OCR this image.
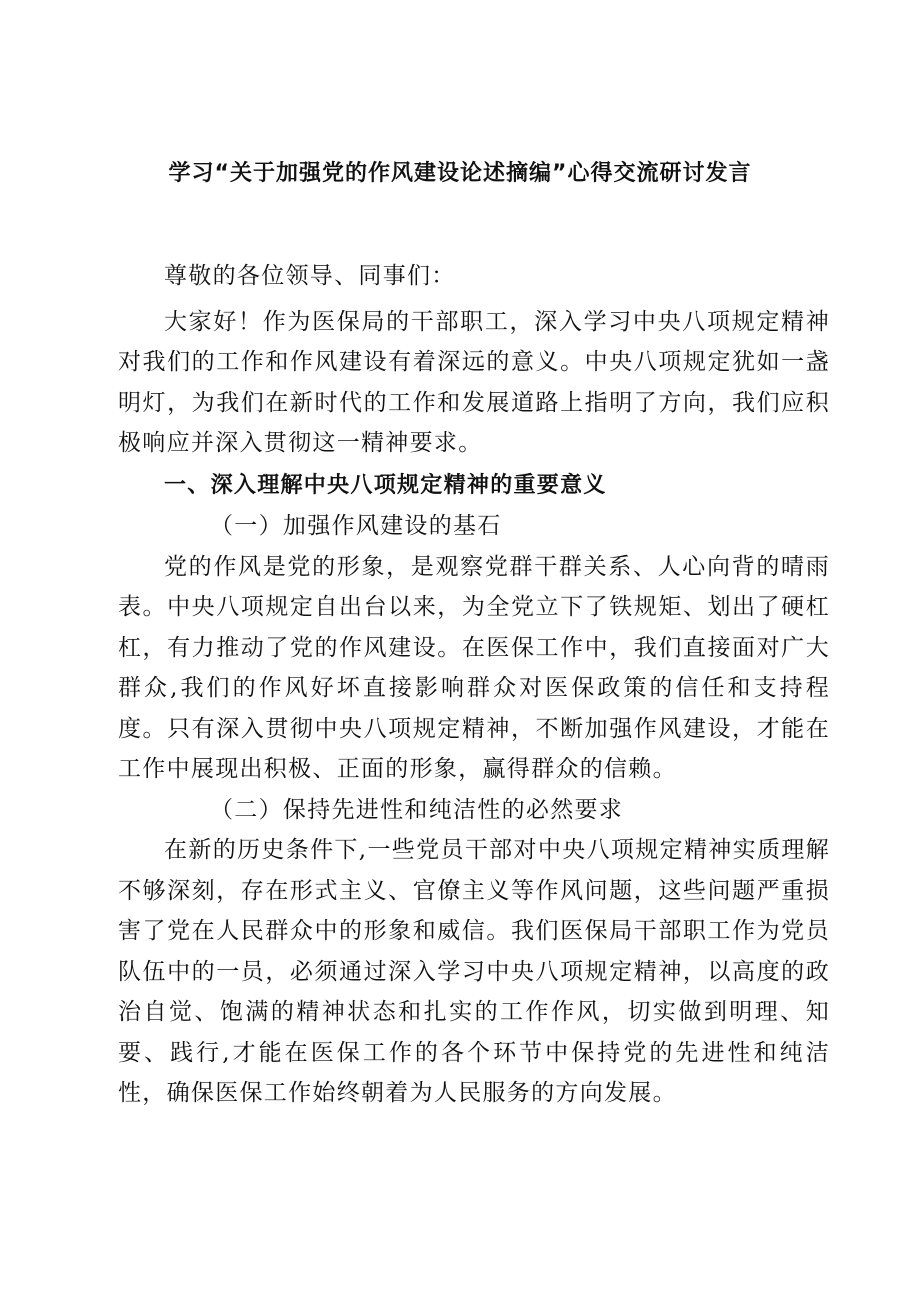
学习“关于加强党的作风建设论述摘编”心得交流研讨发言

尊敬的各位领导、同事们：

大家好！作为医保局的干部职工，深入学习中央八项规定精神对我们的工作和作风建设有着深远的意义。中央八项规定犹如一盏明灯，为我们在新时代的工作和发展道路上指明了方向，我们应积极响应并深入贯彻这一精神要求。

一、深入理解中央八项规定精神的重要意义

（一）加强作风建设的基石

党的作风是党的形象，是观察党群干群关系、人心向背的晴雨表。中央八项规定自出台以来，为全党立下了铁规矩、划出了硬杠杠，有力推动了党的作风建设。在医保工作中，我们直接面对广大群众,我们的作风好坏直接影响群众对医保政策的信任和支持程度。只有深入贯彻中央八项规定精神，不断加强作风建设，才能在工作中展现出积极、正面的形象，赢得群众的信赖。

（二）保持先进性和纯洁性的必然要求

在新的历史条件下,一些党员干部对中央八项规定精神实质理解不够深刻，存在形式主义、官僚主义等作风问题，这些问题严重损害了党在人民群众中的形象和威信。我们医保局干部职工作为党员队伍中的一员，必须通过深入学习中央八项规定精神，以高度的政治自觉、饱满的精神状态和扎实的工作作风，切实做到明理、知要、践行,才能在医保工作的各个环节中保持党的先进性和纯洁性，确保医保工作始终朝着为人民服务的方向发展。
